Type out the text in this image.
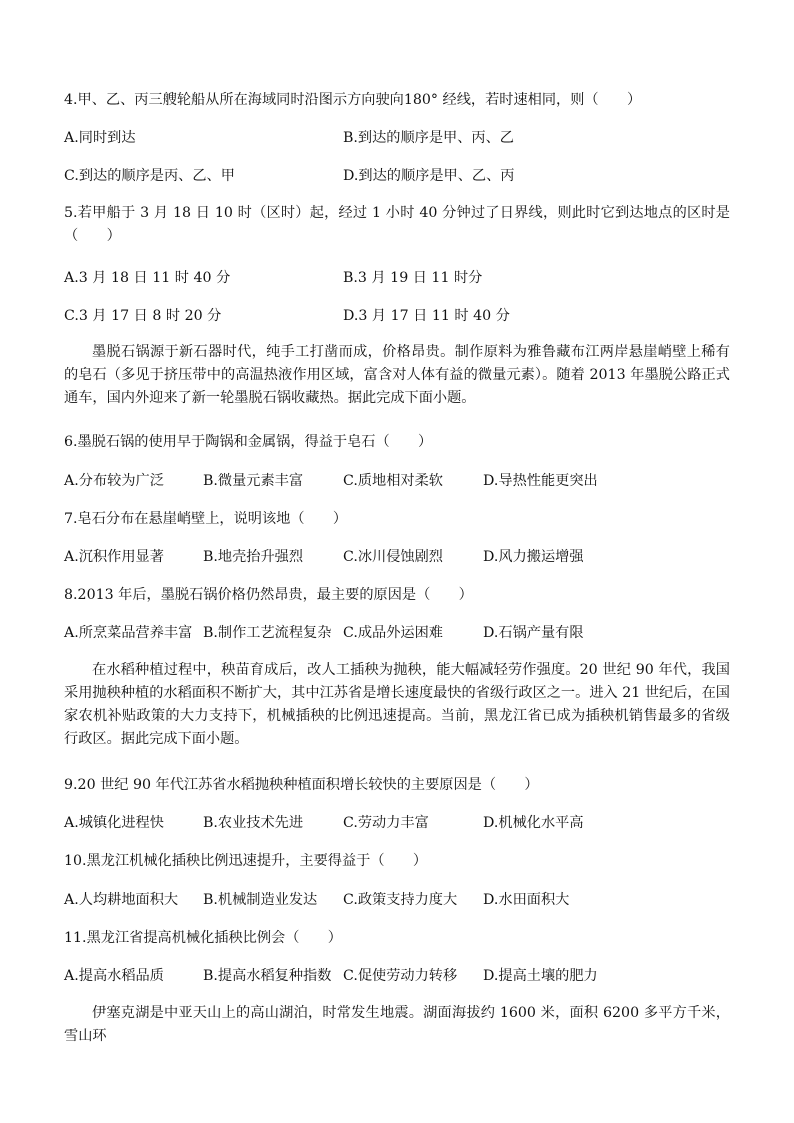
4.甲、乙、丙三艘轮船从所在海域同时沿图示方向驶向180° 经线，若时速相同，则（　　）
A.同时到达	B.到达的顺序是甲、丙、乙
C.到达的顺序是丙、乙、甲	D.到达的顺序是甲、乙、丙
5.若甲船于 3 月 18 日 10 时（区时）起，经过 1 小时 40 分钟过了日界线，则此时它到达地点的区时是（　　）
A.3 月 18 日 11 时 40 分	B.3 月 19 日 11 时分
C.3 月 17 日 8 时 20 分	D.3 月 17 日 11 时 40 分
墨脱石锅源于新石器时代，纯手工打凿而成，价格昂贵。制作原料为雅鲁藏布江两岸悬崖峭壁上稀有的皂石（多见于挤压带中的高温热液作用区域，富含对人体有益的微量元素）。随着 2013 年墨脱公路正式通车，国内外迎来了新一轮墨脱石锅收藏热。据此完成下面小题。
6.墨脱石锅的使用早于陶锅和金属锅，得益于皂石（　　）
A.分布较为广泛	B.微量元素丰富	C.质地相对柔软	D.导热性能更突出
7.皂石分布在悬崖峭壁上，说明该地（　　）
A.沉积作用显著	B.地壳抬升强烈	C.冰川侵蚀剧烈	D.风力搬运增强
8.2013 年后，墨脱石锅价格仍然昂贵，最主要的原因是（　　）
A.所烹菜品营养丰富 B.制作工艺流程复杂 C.成品外运困难	D.石锅产量有限
在水稻种植过程中，秧苗育成后，改人工插秧为抛秧，能大幅减轻劳作强度。20 世纪 90 年代，我国采用抛秧种植的水稻面积不断扩大，其中江苏省是增长速度最快的省级行政区之一。进入 21 世纪后，在国家农机补贴政策的大力支持下，机械插秧的比例迅速提高。当前，黑龙江省已成为插秧机销售最多的省级行政区。据此完成下面小题。
9.20 世纪 90 年代江苏省水稻抛秧种植面积增长较快的主要原因是（　　）
A.城镇化进程快	B.农业技术先进	C.劳动力丰富	D.机械化水平高
10.黑龙江机械化插秧比例迅速提升，主要得益于（　　）
A.人均耕地面积大 B.机械制造业发达 C.政策支持力度大 D.水田面积大
11.黑龙江省提高机械化插秧比例会（　　）
A.提高水稻品质	B.提高水稻复种指数 C.促使劳动力转移 D.提高土壤的肥力
伊塞克湖是中亚天山上的高山湖泊，时常发生地震。湖面海拔约 1600 米，面积 6200 多平方千米，雪山环
